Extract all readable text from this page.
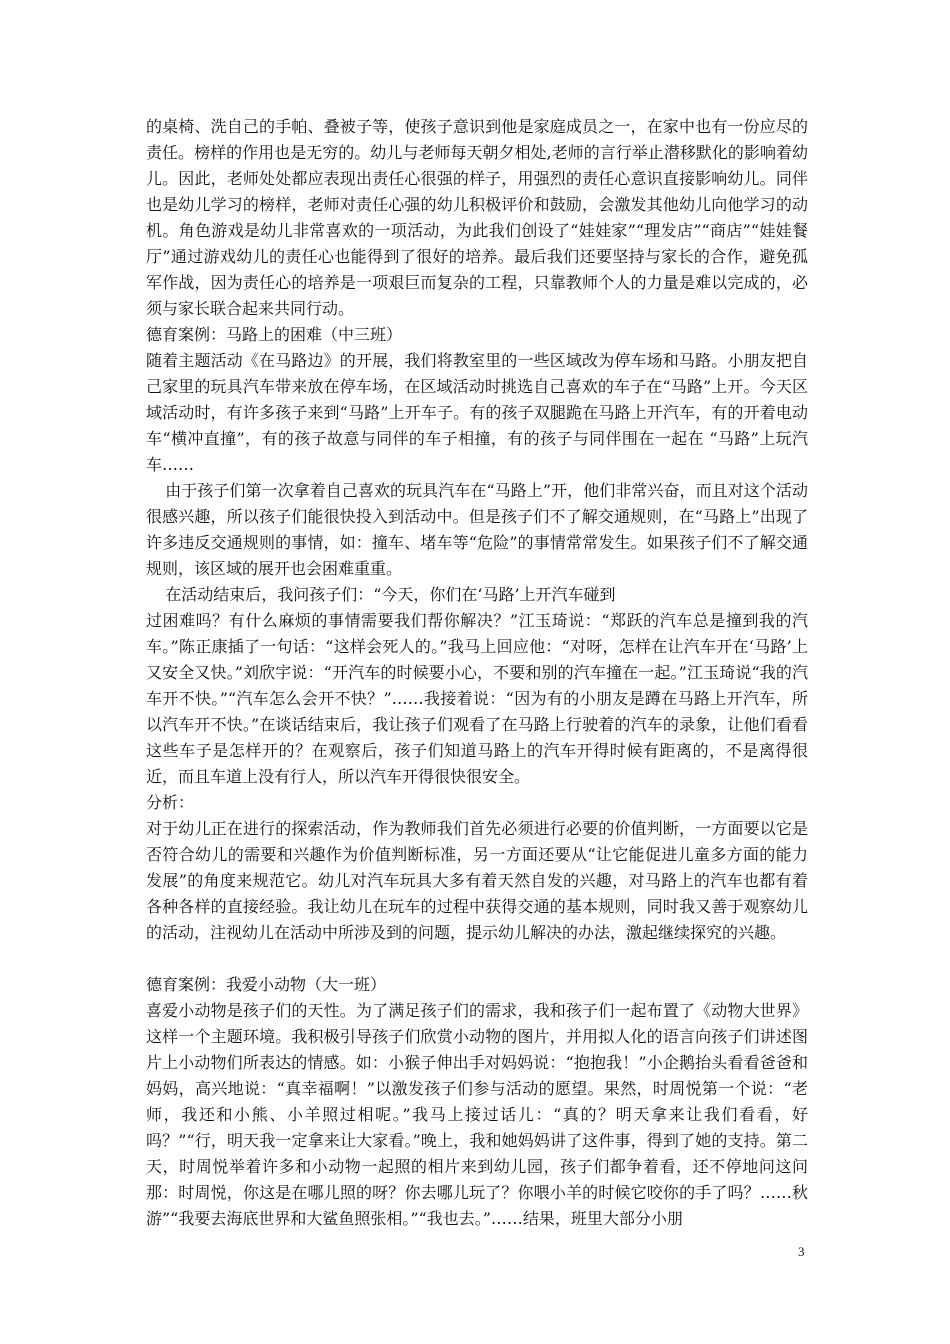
的桌椅、洗自己的手帕、叠被子等，使孩子意识到他是家庭成员之一，在家中也有一份应尽的责任。榜样的作用也是无穷的。幼儿与老师每天朝夕相处,老师的言行举止潜移默化的影响着幼儿。因此，老师处处都应表现出责任心很强的样子，用强烈的责任心意识直接影响幼儿。同伴也是幼儿学习的榜样，老师对责任心强的幼儿积极评价和鼓励，会激发其他幼儿向他学习的动机。角色游戏是幼儿非常喜欢的一项活动，为此我们创设了“娃娃家”“理发店”“商店”“娃娃餐厅”通过游戏幼儿的责任心也能得到了很好的培养。最后我们还要坚持与家长的合作，避免孤军作战，因为责任心的培养是一项艰巨而复杂的工程，只靠教师个人的力量是难以完成的，必须与家长联合起来共同行动。

德育案例：马路上的困难（中三班）

随着主题活动《在马路边》的开展，我们将教室里的一些区域改为停车场和马路。小朋友把自己家里的玩具汽车带来放在停车场，在区域活动时挑选自己喜欢的车子在“马路”上开。今天区域活动时，有许多孩子来到“马路”上开车子。有的孩子双腿跪在马路上开汽车，有的开着电动车“横冲直撞”，有的孩子故意与同伴的车子相撞，有的孩子与同伴围在一起在 “马路”上玩汽车……

由于孩子们第一次拿着自己喜欢的玩具汽车在“马路上”开，他们非常兴奋，而且对这个活动很感兴趣，所以孩子们能很快投入到活动中。但是孩子们不了解交通规则，在“马路上”出现了许多违反交通规则的事情，如：撞车、堵车等“危险”的事情常常发生。如果孩子们不了解交通规则，该区域的展开也会困难重重。

在活动结束后，我问孩子们：“今天，你们在‘马路’上开汽车碰到

过困难吗？有什么麻烦的事情需要我们帮你解决？”江玉琦说：“郑跃的汽车总是撞到我的汽车。”陈正康插了一句话：“这样会死人的。”我马上回应他：“对呀，怎样在让汽车开在‘马路’上又安全又快。”刘欣宇说：“开汽车的时候要小心，不要和别的汽车撞在一起。”江玉琦说“我的汽车开不快。”“汽车怎么会开不快？”……我接着说：“因为有的小朋友是蹲在马路上开汽车，所以汽车开不快。”在谈话结束后，我让孩子们观看了在马路上行驶着的汽车的录象，让他们看看这些车子是怎样开的？在观察后，孩子们知道马路上的汽车开得时候有距离的，不是离得很近，而且车道上没有行人，所以汽车开得很快很安全。

分析：

对于幼儿正在进行的探索活动，作为教师我们首先必须进行必要的价值判断，一方面要以它是否符合幼儿的需要和兴趣作为价值判断标准，另一方面还要从“让它能促进儿童多方面的能力发展”的角度来规范它。幼儿对汽车玩具大多有着天然自发的兴趣，对马路上的汽车也都有着各种各样的直接经验。我让幼儿在玩车的过程中获得交通的基本规则，同时我又善于观察幼儿的活动，注视幼儿在活动中所涉及到的问题，提示幼儿解决的办法，激起继续探究的兴趣。

德育案例：我爱小动物（大一班）

喜爱小动物是孩子们的天性。为了满足孩子们的需求，我和孩子们一起布置了《动物大世界》这样一个主题环境。我积极引导孩子们欣赏小动物的图片，并用拟人化的语言向孩子们讲述图片上小动物们所表达的情感。如：小猴子伸出手对妈妈说：“抱抱我！”小企鹅抬头看看爸爸和妈妈，高兴地说：“真幸福啊！”以激发孩子们参与活动的愿望。果然，时周悦第一个说：“老师，我还和小熊、小羊照过相呢。”我马上接过话儿：“真的？明天拿来让我们看看，好吗？”“行，明天我一定拿来让大家看。”晚上，我和她妈妈讲了这件事，得到了她的支持。第二天，时周悦举着许多和小动物一起照的相片来到幼儿园，孩子们都争着看，还不停地问这问那：时周悦，你这是在哪儿照的呀？你去哪儿玩了？你喂小羊的时候它咬你的手了吗？……秋游”“我要去海底世界和大鲨鱼照张相。”“我也去。”……结果，班里大部分小朋

3
